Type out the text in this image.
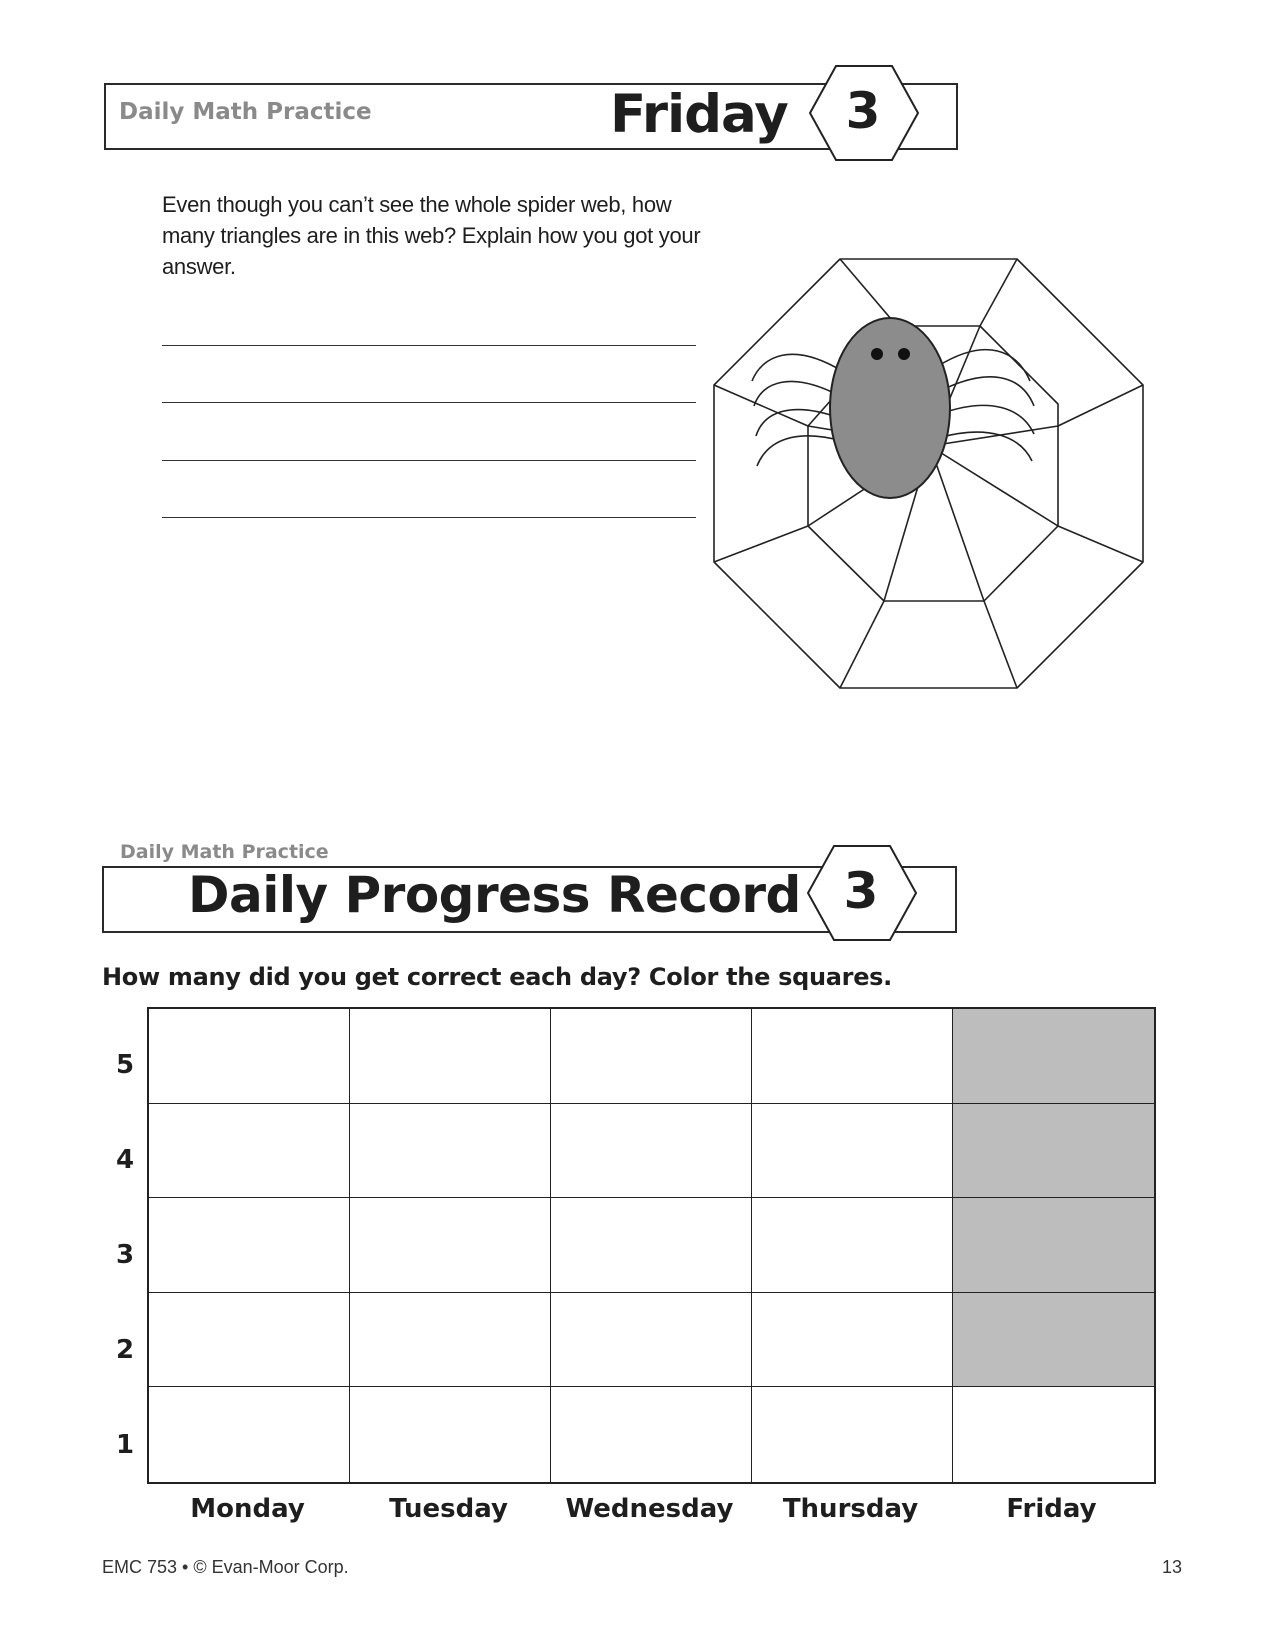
Daily Math Practice	Friday	3
Even though you can’t see the whole spider web, how many triangles are in this web? Explain how you got your answer.
Daily Math Practice
Daily Progress Record 3
How many did you get correct each day? Color the squares.
5
4
3
2
1
Monday	Tuesday	Wednesday	Thursday	Friday
EMC 753 • © Evan-Moor Corp.	13
